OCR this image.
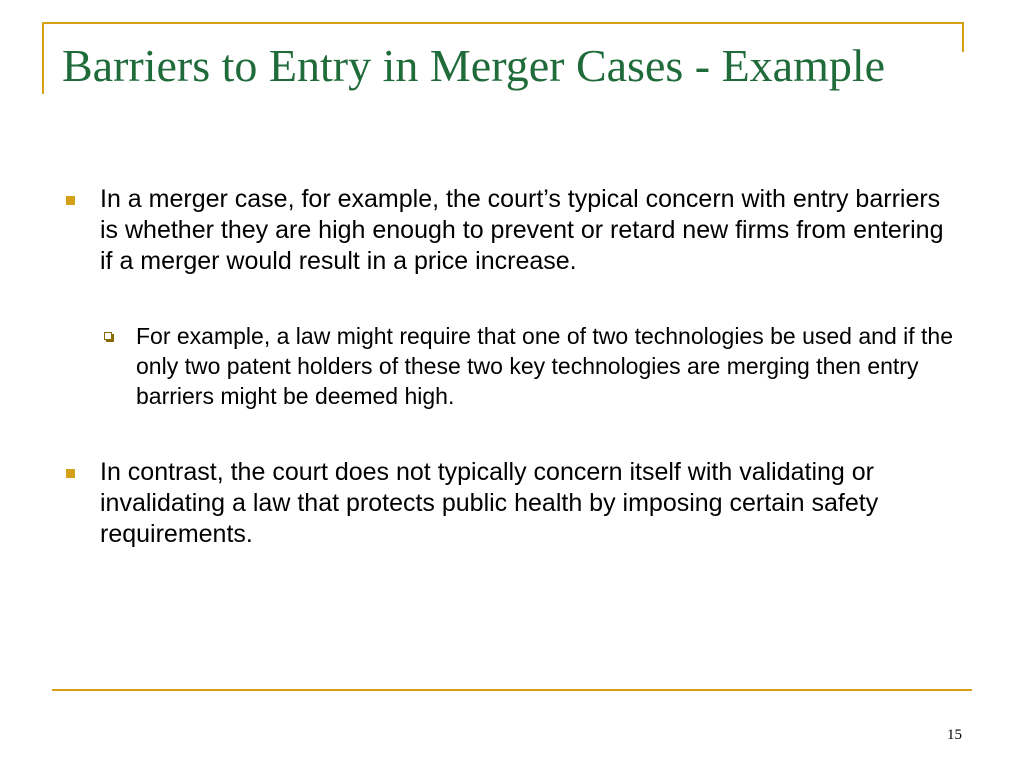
Barriers to Entry in Merger Cases - Example
In a merger case, for example, the court’s typical concern with entry barriers is whether they are high enough to prevent or retard new firms from entering if a merger would result in a price increase.
For example, a law might require that one of two technologies be used and if the only two patent holders of these two key technologies are merging then entry barriers might be deemed high.
In contrast, the court does not typically concern itself with validating or invalidating a law that protects public health by imposing certain safety requirements.
15
